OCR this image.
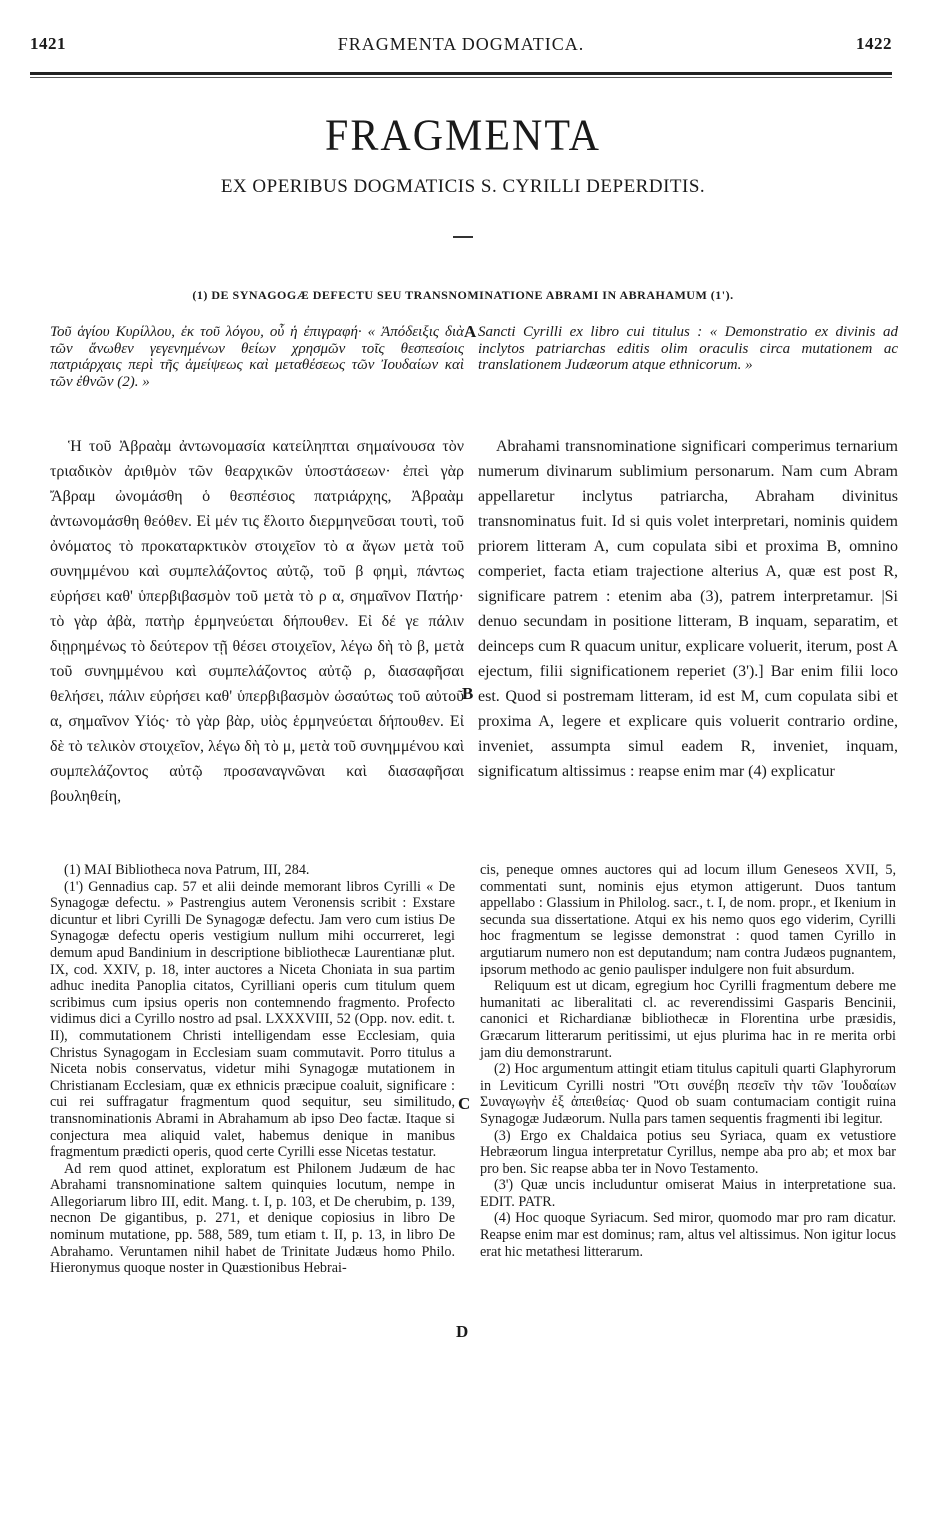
1421	FRAGMENTA DOGMATICA.	1422
FRAGMENTA
EX OPERIBUS DOGMATICIS S. CYRILLI DEPERDITIS.
(1) DE SYNAGOGÆ DEFECTU SEU TRANSNOMINATIONE ABRAMI IN ABRAHAMUM (1').
A
B
C
D
Τοῦ ἁγίου Κυρίλλου, ἐκ τοῦ λόγου, οὗ ἡ ἐπιγραφή· « Ἀπόδειξις διὰ τῶν ἄνωθεν γεγενημένων θείων χρησμῶν τοῖς θεσπεσίοις πατριάρχαις περὶ τῆς ἀμείψεως καὶ μεταθέσεως τῶν Ἰουδαίων καὶ τῶν ἐθνῶν (2). »
Sancti Cyrilli ex libro cui titulus : « Demonstratio ex divinis ad inclytos patriarchas editis olim oraculis circa mutationem ac translationem Judæorum atque ethnicorum. »
Ἡ τοῦ Ἀβραὰμ ἀντωνομασία κατείληπται σημαίνουσα τὸν τριαδικὸν ἀριθμὸν τῶν θεαρχικῶν ὑποστάσεων· ἐπεὶ γὰρ Ἄβραμ ὠνομάσθη ὁ θεσπέσιος πατριάρχης, Ἀβραὰμ ἀντωνομάσθη θεόθεν. Εἰ μέν τις ἕλοιτο διερμηνεῦσαι τουτὶ, τοῦ ὀνόματος τὸ προκαταρκτικὸν στοιχεῖον τὸ α ἄγων μετὰ τοῦ συνημμένου καὶ συμπελάζοντος αὐτῷ, τοῦ β φημὶ, πάντως εὑρήσει καθ' ὑπερβιβασμὸν τοῦ μετὰ τὸ ρ α, σημαῖνον Πατήρ· τὸ γὰρ ἀβὰ, πατὴρ ἑρμηνεύεται δήπουθεν. Εἰ δέ γε πάλιν διῃρημένως τὸ δεύτερον τῇ θέσει στοιχεῖον, λέγω δὴ τὸ β, μετὰ τοῦ συνημμένου καὶ συμπελάζοντος αὐτῷ ρ, διασαφῆσαι θελήσει, πάλιν εὑρήσει καθ' ὑπερβιβασμὸν ὡσαύτως τοῦ αὐτοῦ α, σημαῖνον Υἱός· τὸ γὰρ βὰρ, υἱὸς ἑρμηνεύεται δήπουθεν. Εἰ δὲ τὸ τελικὸν στοιχεῖον, λέγω δὴ τὸ μ, μετὰ τοῦ συνημμένου καὶ συμπελάζοντος αὐτῷ προσαναγνῶναι καὶ διασαφῆσαι βουληθείη,
Abrahami transnominatione significari comperimus ternarium numerum divinarum sublimium personarum. Nam cum Abram appellaretur inclytus patriarcha, Abraham divinitus transnominatus fuit. Id si quis volet interpretari, nominis quidem priorem litteram A, cum copulata sibi et proxima B, omnino comperiet, facta etiam trajectione alterius A, quæ est post R, significare patrem : etenim aba (3), patrem interpretamur. |Si denuo secundam in positione litteram, B inquam, separatim, et deinceps cum R quacum unitur, explicare voluerit, iterum, post A ejectum, filii significationem reperiet (3').] Bar enim filii loco est. Quod si postremam litteram, id est M, cum copulata sibi et proxima A, legere et explicare quis voluerit contrario ordine, inveniet, assumpta simul eadem R, inveniet, inquam, significatum altissimus : reapse enim mar (4) explicatur

(1) MAI Bibliotheca nova Patrum, III, 284.

(1') Gennadius cap. 57 et alii deinde memorant libros Cyrilli « De Synagogæ defectu. » Pastrengius autem Veronensis scribit : Exstare dicuntur et libri Cyrilli De Synagogæ defectu. Jam vero cum istius De Synagogæ defectu operis vestigium nullum mihi occurreret, legi demum apud Bandinium in descriptione bibliothecæ Laurentianæ plut. IX, cod. XXIV, p. 18, inter auctores a Niceta Choniata in sua partim adhuc inedita Panoplia citatos, Cyrilliani operis cum titulum quem scribimus cum ipsius operis non contemnendo fragmento. Profecto vidimus dici a Cyrillo nostro ad psal. LXXXVIII, 52 (Opp. nov. edit. t. II), commutationem Christi intelligendam esse Ecclesiam, quia Christus Synagogam in Ecclesiam suam commutavit. Porro titulus a Niceta nobis conservatus, videtur mihi Synagogæ mutationem in Christianam Ecclesiam, quæ ex ethnicis præcipue coaluit, significare : cui rei suffragatur fragmentum quod sequitur, seu similitudo, transnominationis Abrami in Abrahamum ab ipso Deo factæ. Itaque si conjectura mea aliquid valet, habemus denique in manibus fragmentum prædicti operis, quod certe Cyrilli esse Nicetas testatur.

Ad rem quod attinet, exploratum est Philonem Judæum de hac Abrahami transnominatione saltem quinquies locutum, nempe in Allegoriarum libro III, edit. Mang. t. I, p. 103, et De cherubim, p. 139, necnon De gigantibus, p. 271, et denique copiosius in libro De nominum mutatione, pp. 588, 589, tum etiam t. II, p. 13, in libro De Abrahamo. Veruntamen nihil habet de Trinitate Judæus homo Philo. Hieronymus quoque noster in Quæstionibus Hebrai-

cis, peneque omnes auctores qui ad locum illum Geneseos XVII, 5, commentati sunt, nominis ejus etymon attigerunt. Duos tantum appellabo : Glassium in Philolog. sacr., t. I, de nom. propr., et Ikenium in secunda sua dissertatione. Atqui ex his nemo quos ego viderim, Cyrilli hoc fragmentum se legisse demonstrat : quod tamen Cyrillo in argutiarum numero non est deputandum; nam contra Judæos pugnantem, ipsorum methodo ac genio paulisper indulgere non fuit absurdum.

Reliquum est ut dicam, egregium hoc Cyrilli fragmentum debere me humanitati ac liberalitati cl. ac reverendissimi Gasparis Bencinii, canonici et Richardianæ bibliothecæ in Florentina urbe præsidis, Græcarum litterarum peritissimi, ut ejus plurima hac in re merita orbi jam diu demonstrarunt.

(2) Hoc argumentum attingit etiam titulus capituli quarti Glaphyrorum in Leviticum Cyrilli nostri "Ότι συνέβη πεσεῖν τὴν τῶν Ἰουδαίων Συναγωγὴν ἐξ ἀπειθείας· Quod ob suam contumaciam contigit ruina Synagogæ Judæorum. Nulla pars tamen sequentis fragmenti ibi legitur.

(3) Ergo ex Chaldaica potius seu Syriaca, quam ex vetustiore Hebræorum lingua interpretatur Cyrillus, nempe aba pro ab; et mox bar pro ben. Sic reapse abba ter in Novo Testamento.

(3') Quæ uncis includuntur omiserat Maius in interpretatione sua. EDIT. PATR.

(4) Hoc quoque Syriacum. Sed miror, quomodo mar pro ram dicatur. Reapse enim mar est dominus; ram, altus vel altissimus. Non igitur locus erat hic metathesi litterarum.
